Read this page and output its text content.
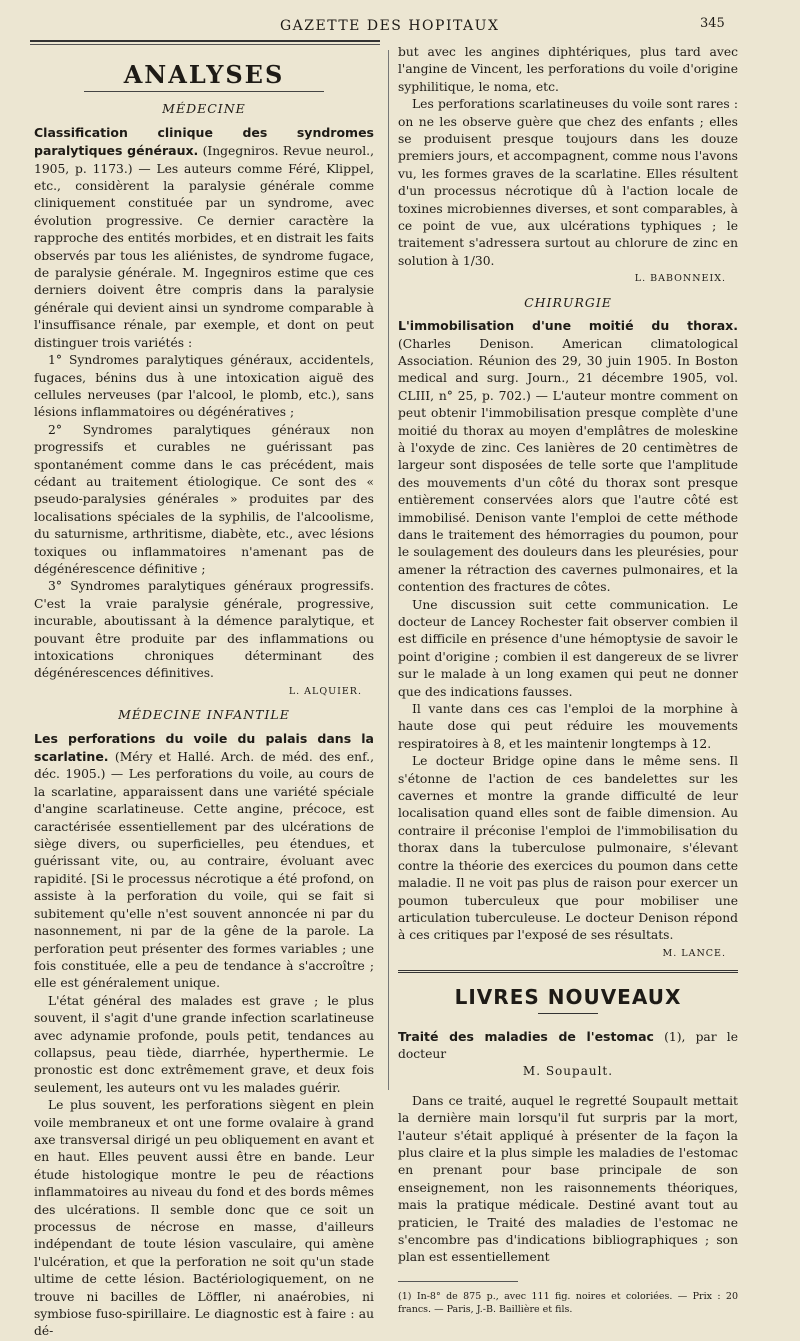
GAZETTE DES HOPITAUX	345
ANALYSES
MÉDECINE

Classification clinique des syndromes paralytiques généraux. (Ingegniros. Revue neurol., 1905, p. 1173.) — Les auteurs comme Féré, Klippel, etc., considèrent la paralysie générale comme cliniquement constituée par un syndrome, avec évolution progressive. Ce dernier caractère la rapproche des entités morbides, et en distrait les faits observés par tous les aliénistes, de syndrome fugace, de paralysie générale. M. Ingegniros estime que ces derniers doivent être compris dans la paralysie générale qui devient ainsi un syndrome comparable à l'insuffisance rénale, par exemple, et dont on peut distinguer trois variétés :

1° Syndromes paralytiques généraux, accidentels, fugaces, bénins dus à une intoxication aiguë des cellules nerveuses (par l'alcool, le plomb, etc.), sans lésions inflammatoires ou dégénératives ;

2° Syndromes paralytiques généraux non progressifs et curables ne guérissant pas spontanément comme dans le cas précédent, mais cédant au traitement étiologique. Ce sont des « pseudo-paralysies générales » produites par des localisations spéciales de la syphilis, de l'alcoolisme, du saturnisme, arthritisme, diabète, etc., avec lésions toxiques ou inflammatoires n'amenant pas de dégénérescence définitive ;

3° Syndromes paralytiques généraux progressifs. C'est la vraie paralysie générale, progressive, incurable, aboutissant à la démence paralytique, et pouvant être produite par des inflammations ou intoxications chroniques déterminant des dégénérescences définitives.

L. ALQUIER.
MÉDECINE INFANTILE

Les perforations du voile du palais dans la scarlatine. (Méry et Hallé. Arch. de méd. des enf., déc. 1905.) — Les perforations du voile, au cours de la scarlatine, apparaissent dans une variété spéciale d'angine scarlatineuse. Cette angine, précoce, est caractérisée essentiellement par des ulcérations de siège divers, ou superficielles, peu étendues, et guérissant vite, ou, au contraire, évoluant avec rapidité. [Si le processus nécrotique a été profond, on assiste à la perforation du voile, qui se fait si subitement qu'elle n'est souvent annoncée ni par du nasonnement, ni par de la gêne de la parole. La perforation peut présenter des formes variables ; une fois constituée, elle a peu de tendance à s'accroître ; elle est généralement unique.

L'état général des malades est grave ; le plus souvent, il s'agit d'une grande infection scarlatineuse avec adynamie profonde, pouls petit, tendances au collapsus, peau tiède, diarrhée, hyperthermie. Le pronostic est donc extrêmement grave, et deux fois seulement, les auteurs ont vu les malades guérir.

Le plus souvent, les perforations siègent en plein voile membraneux et ont une forme ovalaire à grand axe transversal dirigé un peu obliquement en avant et en haut. Elles peuvent aussi être en bande. Leur étude histologique montre le peu de réactions inflammatoires au niveau du fond et des bords mêmes des ulcérations. Il semble donc que ce soit un processus de nécrose en masse, d'ailleurs indépendant de toute lésion vasculaire, qui amène l'ulcération, et que la perforation ne soit qu'un stade ultime de cette lésion. Bactériologiquement, on ne trouve ni bacilles de Löffler, ni anaérobies, ni symbiose fuso-spirillaire. Le diagnostic est à faire : au dé-

but avec les angines diphtériques, plus tard avec l'angine de Vincent, les perforations du voile d'origine syphilitique, le noma, etc.

Les perforations scarlatineuses du voile sont rares : on ne les observe guère que chez des enfants ; elles se produisent presque toujours dans les douze premiers jours, et accompagnent, comme nous l'avons vu, les formes graves de la scarlatine. Elles résultent d'un processus nécrotique dû à l'action locale de toxines microbiennes diverses, et sont comparables, à ce point de vue, aux ulcérations typhiques ; le traitement s'adressera surtout au chlorure de zinc en solution à 1/30.

L. BABONNEIX.
CHIRURGIE

L'immobilisation d'une moitié du thorax. (Charles Denison. American climatological Association. Réunion des 29, 30 juin 1905. In Boston medical and surg. Journ., 21 décembre 1905, vol. CLIII, n° 25, p. 702.) — L'auteur montre comment on peut obtenir l'immobilisation presque complète d'une moitié du thorax au moyen d'emplâtres de moleskine à l'oxyde de zinc. Ces lanières de 20 centimètres de largeur sont disposées de telle sorte que l'amplitude des mouvements d'un côté du thorax sont presque entièrement conservées alors que l'autre côté est immobilisé. Denison vante l'emploi de cette méthode dans le traitement des hémorragies du poumon, pour le soulagement des douleurs dans les pleurésies, pour amener la rétraction des cavernes pulmonaires, et la contention des fractures de côtes.

Une discussion suit cette communication. Le docteur de Lancey Rochester fait observer combien il est difficile en présence d'une hémoptysie de savoir le point d'origine ; combien il est dangereux de se livrer sur le malade à un long examen qui peut ne donner que des indications fausses.

Il vante dans ces cas l'emploi de la morphine à haute dose qui peut réduire les mouvements respiratoires à 8, et les maintenir longtemps à 12.

Le docteur Bridge opine dans le même sens. Il s'étonne de l'action de ces bandelettes sur les cavernes et montre la grande difficulté de leur localisation quand elles sont de faible dimension. Au contraire il préconise l'emploi de l'immobilisation du thorax dans la tuberculose pulmonaire, s'élevant contre la théorie des exercices du poumon dans cette maladie. Il ne voit pas plus de raison pour exercer un poumon tuberculeux que pour mobiliser une articulation tuberculeuse. Le docteur Denison répond à ces critiques par l'exposé de ses résultats.

M. LANCE.
LIVRES NOUVEAUX

Traité des maladies de l'estomac (1), par le docteur

M. Soupault.

Dans ce traité, auquel le regretté Soupault mettait la dernière main lorsqu'il fut surpris par la mort, l'auteur s'était appliqué à présenter de la façon la plus claire et la plus simple les maladies de l'estomac en prenant pour base principale de son enseignement, non les raisonnements théoriques, mais la pratique médicale. Destiné avant tout au praticien, le Traité des maladies de l'estomac ne s'encombre pas d'indications bibliographiques ; son plan est essentiellement

(1) In-8° de 875 p., avec 111 fig. noires et coloriées. — Prix : 20 francs. — Paris, J.-B. Baillière et fils.
